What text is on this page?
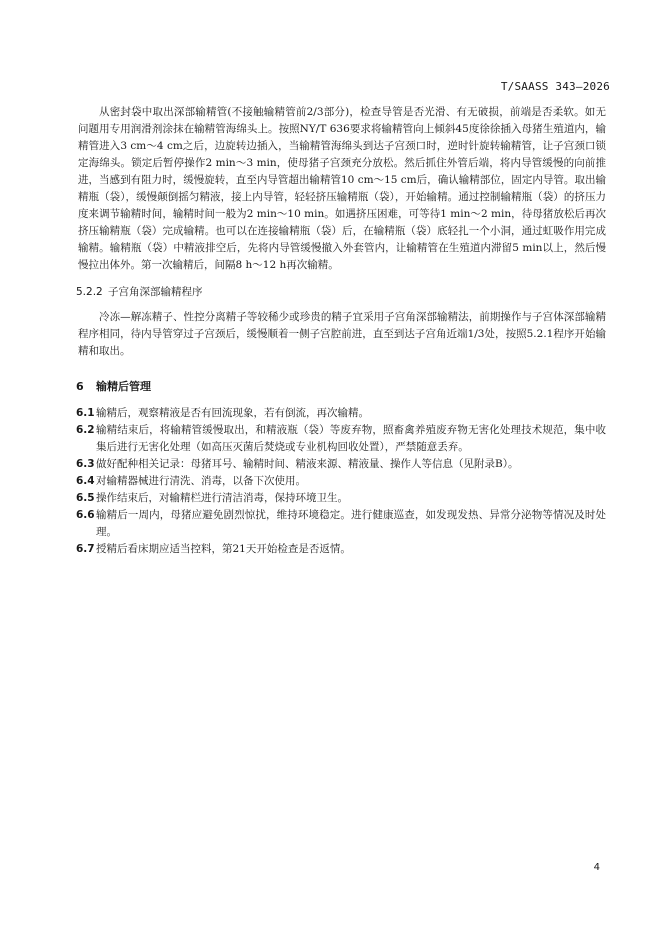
T/SAASS 343—2026

从密封袋中取出深部输精管(不接触输精管前2/3部分)，检查导管是否光滑、有无破损，前端是否柔软。如无问题用专用润滑剂涂抹在输精管海绵头上。按照NY/T 636要求将输精管向上倾斜45度徐徐插入母猪生殖道内，输精管进入3 cm～4 cm之后，边旋转边插入，当输精管海绵头到达子宫颈口时，逆时针旋转输精管，让子宫颈口锁定海绵头。锁定后暂停操作2 min～3 min，使母猪子宫颈充分放松。然后抓住外管后端，将内导管缓慢的向前推进，当感到有阻力时，缓慢旋转，直至内导管超出输精管10 cm～15 cm后，确认输精部位，固定内导管。取出输精瓶（袋），缓慢颠倒摇匀精液，接上内导管，轻轻挤压输精瓶（袋），开始输精。通过控制输精瓶（袋）的挤压力度来调节输精时间，输精时间一般为2 min～10 min。如遇挤压困难，可等待1 min～2 min，待母猪放松后再次挤压输精瓶（袋）完成输精。也可以在连接输精瓶（袋）后，在输精瓶（袋）底轻扎一个小洞，通过虹吸作用完成输精。输精瓶（袋）中精液排空后，先将内导管缓慢撤入外套管内，让输精管在生殖道内滞留5 min以上，然后慢慢拉出体外。第一次输精后，间隔8 h～12 h再次输精。

5.2.2 子宫角深部输精程序

冷冻—解冻精子、性控分离精子等较稀少或珍贵的精子宜采用子宫角深部输精法，前期操作与子宫体深部输精程序相同，待内导管穿过子宫颈后，缓慢顺着一侧子宫腔前进，直至到达子宫角近端1/3处，按照5.2.1程序开始输精和取出。

6 输精后管理
6.1 输精后，观察精液是否有回流现象，若有倒流，再次输精。
6.2 输精结束后，将输精管缓慢取出，和精液瓶（袋）等废弃物，照畜禽养殖废弃物无害化处理技术规范，集中收集后进行无害化处理（如高压灭菌后焚烧或专业机构回收处置），严禁随意丢弃。
6.3 做好配种相关记录：母猪耳号、输精时间、精液来源、精液量、操作人等信息（见附录B）。
6.4 对输精器械进行清洗、消毒，以备下次使用。
6.5 操作结束后，对输精栏进行清洁消毒，保持环境卫生。
6.6 输精后一周内，母猪应避免剧烈惊扰，维持环境稳定。进行健康巡查，如发现发热、异常分泌物等情况及时处理。
6.7 授精后看床期应适当控料，第21天开始检查是否返情。
4
